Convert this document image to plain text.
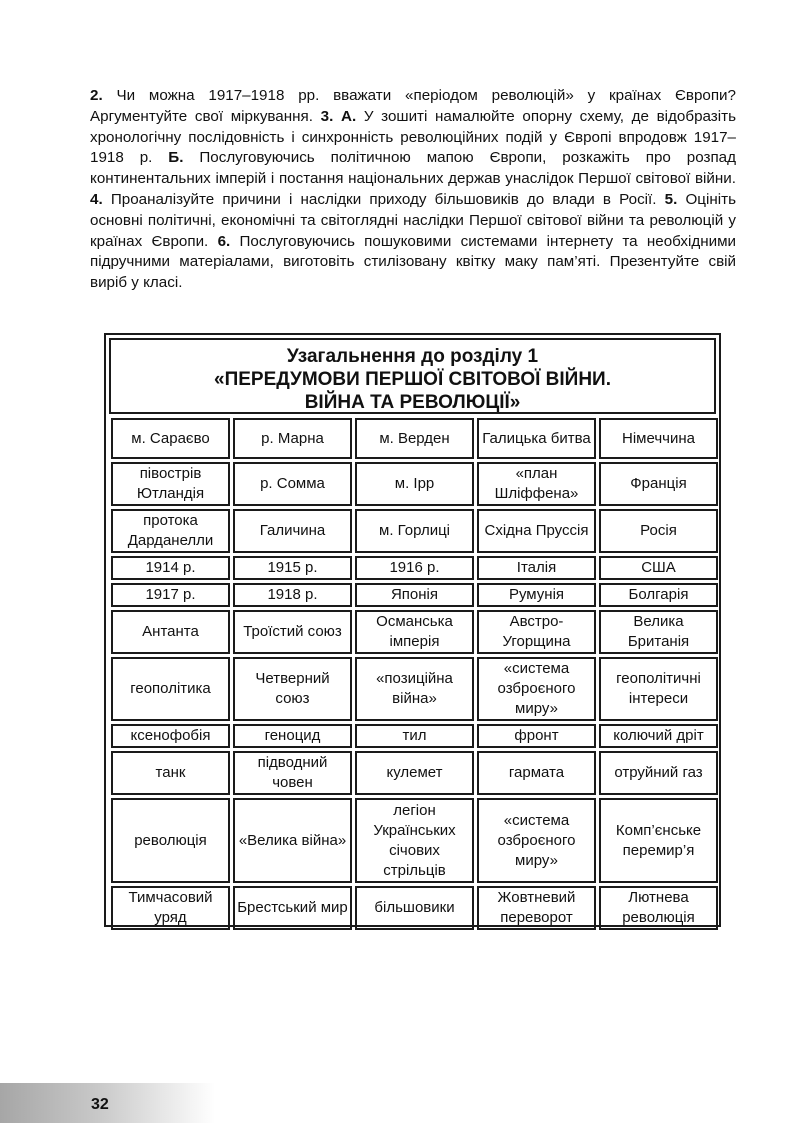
2. Чи можна 1917–1918 рр. вважати «періодом революцій» у країнах Європи? Аргументуйте свої міркування. 3. А. У зошиті намалюйте опорну схему, де відобразіть хронологічну послідовність і синхронність революційних подій у Європі впродовж 1917–1918 р. Б. Послуговуючись політичною мапою Європи, розкажіть про розпад континентальних імперій і постання національних держав унаслідок Першої світової війни. 4. Проаналізуйте причини і наслідки приходу більшовиків до влади в Росії. 5. Оцініть основні політичні, економічні та світоглядні наслідки Першої світової війни та революцій у країнах Європи. 6. Послуговуючись пошуковими системами інтернету та необхідними підручними матеріалами, виготовіть стилізовану квітку маку пам’яті. Презентуйте свій виріб у класі.
Узагальнення до розділу 1
«ПЕРЕДУМОВИ ПЕРШОЇ СВІТОВОЇ ВІЙНИ.
ВІЙНА ТА РЕВОЛЮЦІЇ»
м. Сараєво	р. Марна	м. Верден	Галицька битва	Німеччина
півострів Ютландія	р. Сомма	м. Ipр	«план Шліффена»	Франція
протока Дарданелли	Галичина	м. Горлиці	Східна Пруссія	Росія
1914 р.	1915 р.	1916 р.	Італія	США
1917 р.	1918 р.	Японія	Румунія	Болгарія
Антанта	Троїстий союз	Османська імперія	Австро-Угорщина	Велика Британія
геополітика	Четверний союз	«позиційна війна»	«система озброєного миру»	геополітичні інтереси
ксенофобія	геноцид	тил	фронт	колючий дріт
танк	підводний човен	кулемет	гармата	отруйний газ
революція	«Велика війна»	легіон Українських січових стрільців	«система озброєного миру»	Комп’єнське перемир’я
Тимчасовий уряд	Брестський мир	більшовики	Жовтневий переворот	Лютнева революція
32
